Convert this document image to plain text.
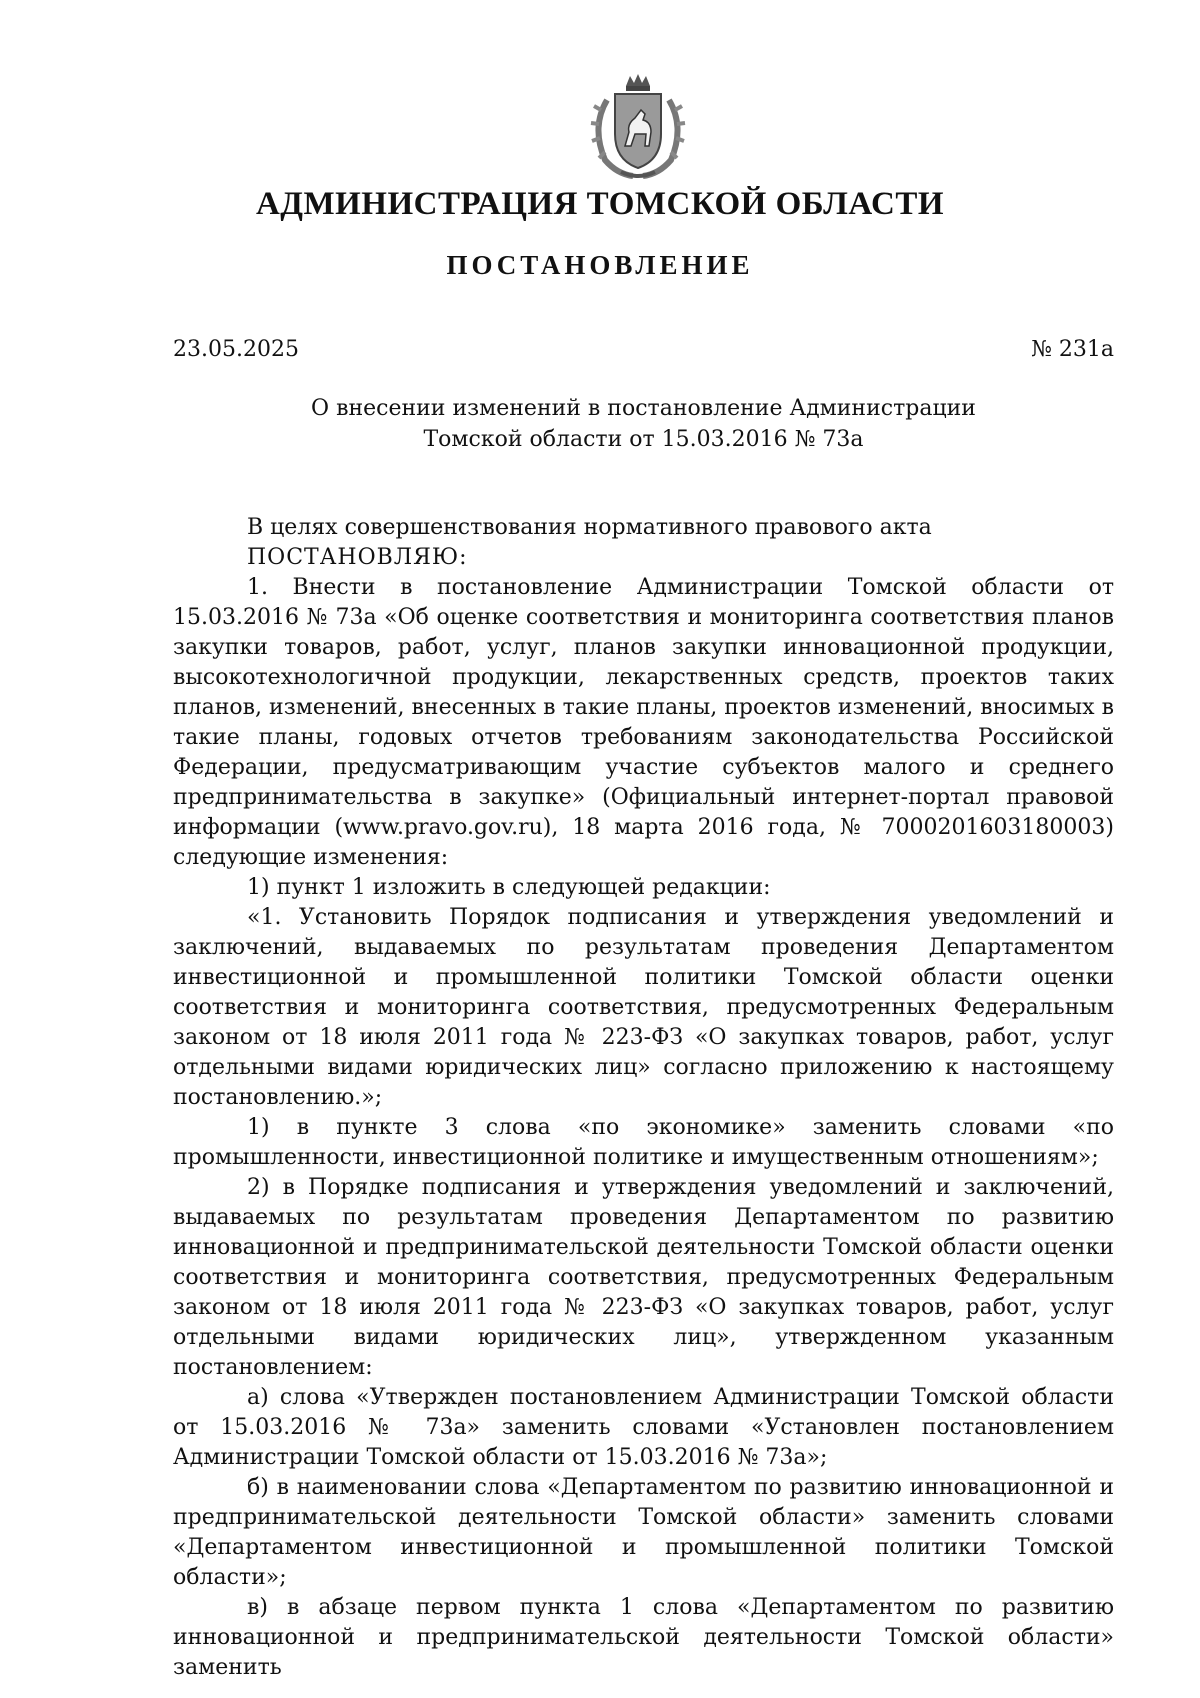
АДМИНИСТРАЦИЯ ТОМСКОЙ ОБЛАСТИ
ПОСТАНОВЛЕНИЕ
23.05.2025	№ 231а
О внесении изменений в постановление Администрации
Томской области от 15.03.2016 № 73а

В целях совершенствования нормативного правового акта

ПОСТАНОВЛЯЮ:

1. Внести в постановление Администрации Томской области от 15.03.2016 № 73а «Об оценке соответствия и мониторинга соответствия планов закупки товаров, работ, услуг, планов закупки инновационной продукции, высокотехнологичной продукции, лекарственных средств, проектов таких планов, изменений, внесенных в такие планы, проектов изменений, вносимых в такие планы, годовых отчетов требованиям законодательства Российской Федерации, предусматривающим участие субъектов малого и среднего предпринимательства в закупке» (Официальный интернет-портал правовой информации (www.pravo.gov.ru), 18 марта 2016 года, № 7000201603180003) следующие изменения:

1) пункт 1 изложить в следующей редакции:

«1. Установить Порядок подписания и утверждения уведомлений и заключений, выдаваемых по результатам проведения Департаментом инвестиционной и промышленной политики Томской области оценки соответствия и мониторинга соответствия, предусмотренных Федеральным законом от 18 июля 2011 года № 223-ФЗ «О закупках товаров, работ, услуг отдельными видами юридических лиц» согласно приложению к настоящему постановлению.»;

1) в пункте 3 слова «по экономике» заменить словами «по промышленности, инвестиционной политике и имущественным отношениям»;

2) в Порядке подписания и утверждения уведомлений и заключений, выдаваемых по результатам проведения Департаментом по развитию инновационной и предпринимательской деятельности Томской области оценки соответствия и мониторинга соответствия, предусмотренных Федеральным законом от 18 июля 2011 года № 223-ФЗ «О закупках товаров, работ, услуг отдельными видами юридических лиц», утвержденном указанным постановлением:

а) слова «Утвержден постановлением Администрации Томской области от 15.03.2016 № 73а» заменить словами «Установлен постановлением Администрации Томской области от 15.03.2016 № 73а»;

б) в наименовании слова «Департаментом по развитию инновационной и предпринимательской деятельности Томской области» заменить словами «Департаментом инвестиционной и промышленной политики Томской области»;

в) в абзаце первом пункта 1 слова «Департаментом по развитию инновационной и предпринимательской деятельности Томской области» заменить
